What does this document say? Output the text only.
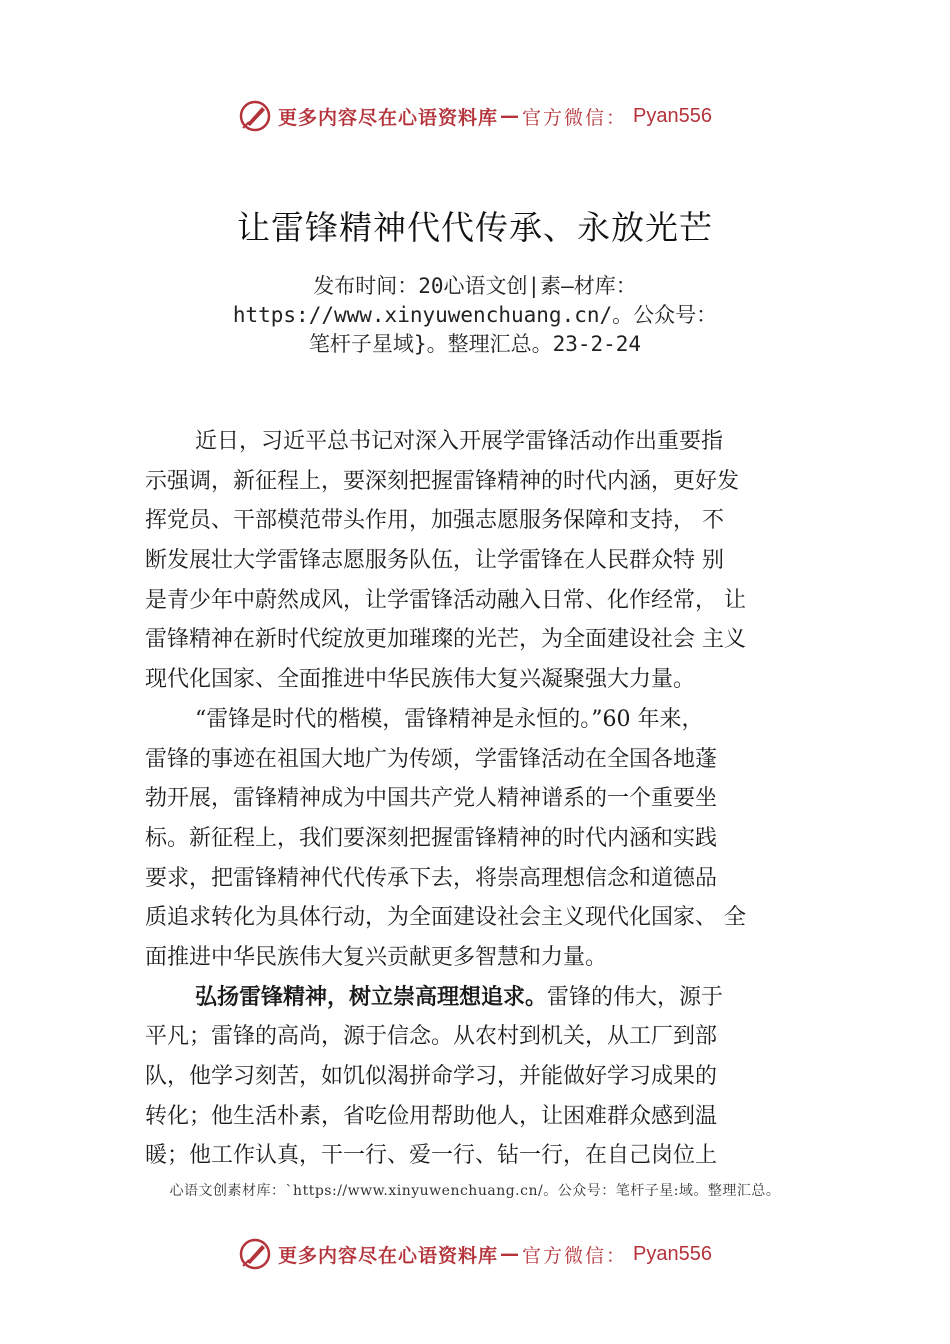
更多内容尽在心语资料库 — 官方微信： Pyan556
让雷锋精神代代传承、永放光芒
发布时间：20心语文创|素—材库：
https://www.xinyuwenchuang.cn/。公众号：
笔杆子星域}。整理汇总。23-2-24
近日，习近平总书记对深入开展学雷锋活动作出重要指
示强调，新征程上，要深刻把握雷锋精神的时代内涵，更好发
挥党员、干部模范带头作用，加强志愿服务保障和支持， 不
断发展壮大学雷锋志愿服务队伍，让学雷锋在人民群众特 别
是青少年中蔚然成风，让学雷锋活动融入日常、化作经常， 让
雷锋精神在新时代绽放更加璀璨的光芒，为全面建设社会 主义
现代化国家、全面推进中华民族伟大复兴凝聚强大力量。
“雷锋是时代的楷模，雷锋精神是永恒的。”60 年来，
雷锋的事迹在祖国大地广为传颂，学雷锋活动在全国各地蓬
勃开展，雷锋精神成为中国共产党人精神谱系的一个重要坐
标。新征程上，我们要深刻把握雷锋精神的时代内涵和实践
要求，把雷锋精神代代传承下去，将崇高理想信念和道德品
质追求转化为具体行动，为全面建设社会主义现代化国家、 全
面推进中华民族伟大复兴贡献更多智慧和力量。
弘扬雷锋精神，树立崇高理想追求。雷锋的伟大，源于
平凡；雷锋的高尚，源于信念。从农村到机关，从工厂到部
队，他学习刻苦，如饥似渴拼命学习，并能做好学习成果的
转化；他生活朴素，省吃俭用帮助他人，让困难群众感到温
暖；他工作认真，干一行、爱一行、钻一行，在自己岗位上
心语文创素材库：`https://www.xinyuwenchuang.cn/。公众号：笔杆子星:域。整理汇总。
更多内容尽在心语资料库 — 官方微信： Pyan556
